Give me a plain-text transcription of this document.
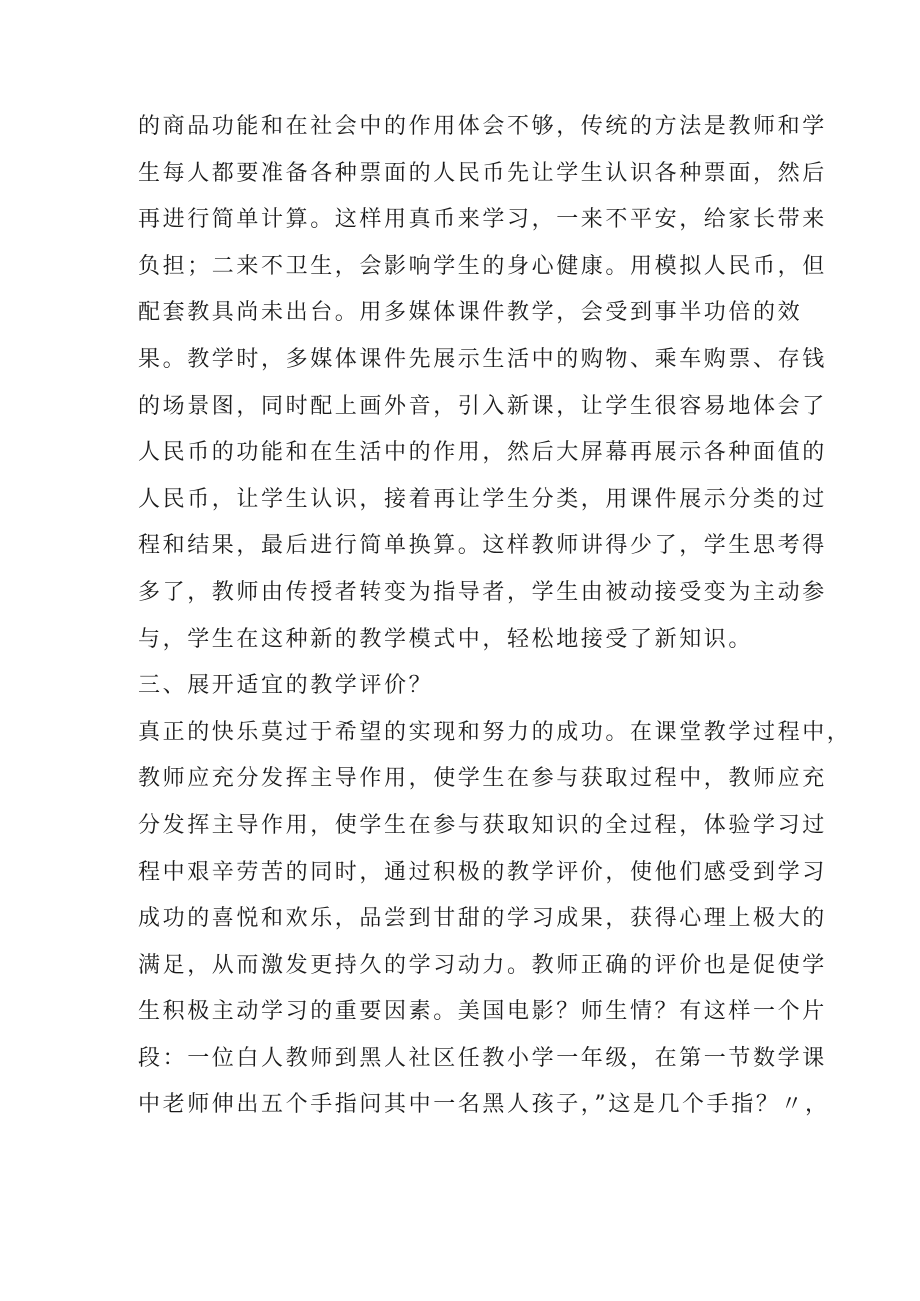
的商品功能和在社会中的作用体会不够，传统的方法是教师和学
生每人都要准备各种票面的人民币先让学生认识各种票面，然后
再进行简单计算。这样用真币来学习，一来不平安，给家长带来
负担；二来不卫生，会影响学生的身心健康。用模拟人民币，但
配套教具尚未出台。用多媒体课件教学，会受到事半功倍的效
果。教学时，多媒体课件先展示生活中的购物、乘车购票、存钱
的场景图，同时配上画外音，引入新课，让学生很容易地体会了
人民币的功能和在生活中的作用，然后大屏幕再展示各种面值的
人民币，让学生认识，接着再让学生分类，用课件展示分类的过
程和结果，最后进行简单换算。这样教师讲得少了，学生思考得
多了，教师由传授者转变为指导者，学生由被动接受变为主动参
与，学生在这种新的教学模式中，轻松地接受了新知识。
三、展开适宜的教学评价？
真正的快乐莫过于希望的实现和努力的成功。在课堂教学过程中，
教师应充分发挥主导作用，使学生在参与获取过程中，教师应充
分发挥主导作用，使学生在参与获取知识的全过程，体验学习过
程中艰辛劳苦的同时，通过积极的教学评价，使他们感受到学习
成功的喜悦和欢乐，品尝到甘甜的学习成果，获得心理上极大的
满足，从而激发更持久的学习动力。教师正确的评价也是促使学
生积极主动学习的重要因素。美国电影？师生情？有这样一个片
段：一位白人教师到黑人社区任教小学一年级，在第一节数学课
中老师伸出五个手指问其中一名黑人孩子，”这是几个手指？〃，
